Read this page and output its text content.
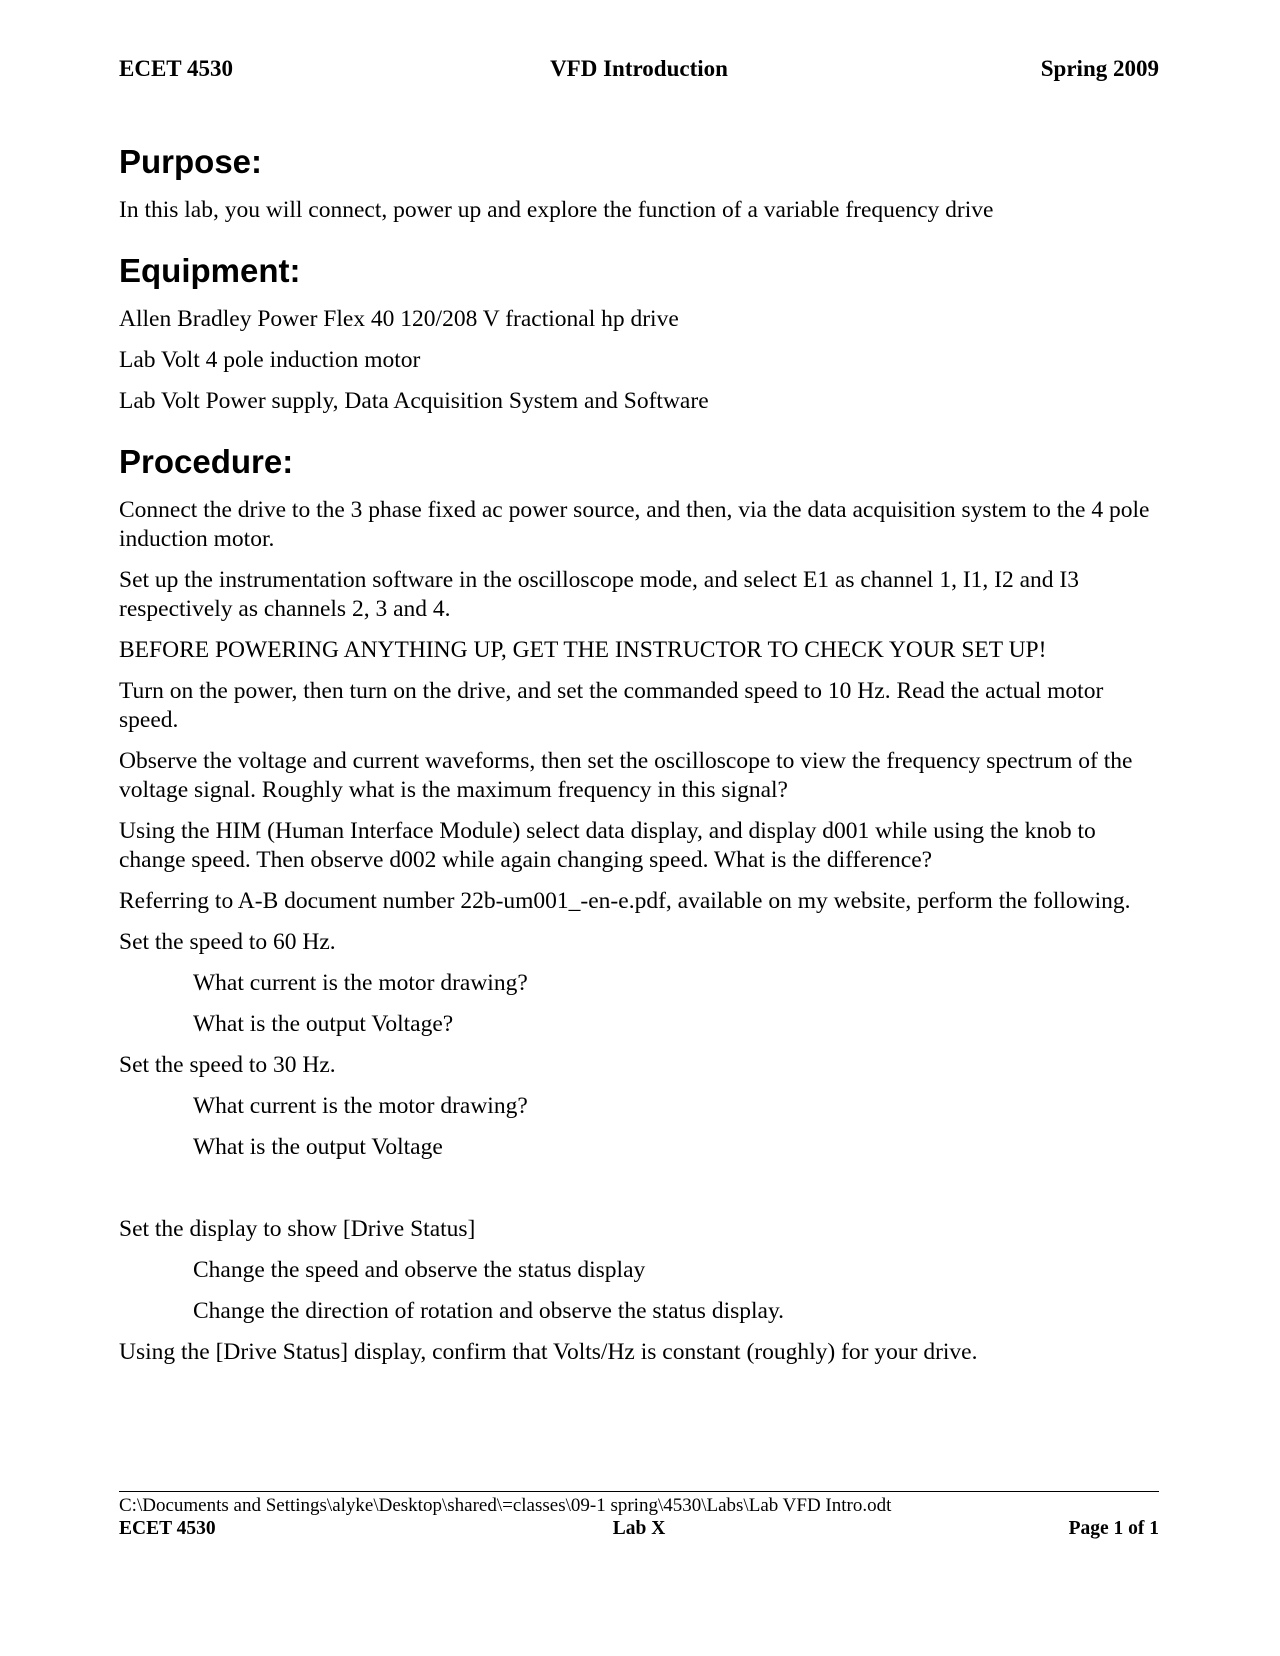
ECET 4530	VFD Introduction	Spring 2009
Purpose:

In this lab, you will connect, power up and explore the function of a variable frequency drive

Equipment:

Allen Bradley Power Flex 40 120/208 V fractional hp drive

Lab Volt 4 pole induction motor

Lab Volt Power supply, Data Acquisition System and Software

Procedure:

Connect the drive to the 3 phase fixed ac power source, and then, via the data acquisition system to the 4 pole induction motor.

Set up the instrumentation software in the oscilloscope mode, and select E1 as channel 1, I1, I2 and I3 respectively as channels 2, 3 and 4.

BEFORE POWERING ANYTHING UP, GET THE INSTRUCTOR TO CHECK YOUR SET UP!

Turn on the power, then turn on the drive, and set the commanded speed to 10 Hz. Read the actual motor speed.

Observe the voltage and current waveforms, then set the oscilloscope to view the frequency spectrum of the voltage signal. Roughly what is the maximum frequency in this signal?

Using the HIM (Human Interface Module) select data display, and display d001 while using the knob to change speed. Then observe d002 while again changing speed. What is the difference?

Referring to A-B document number 22b-um001_-en-e.pdf, available on my website, perform the following.

Set the speed to 60 Hz.

What current is the motor drawing?

What is the output Voltage?

Set the speed to 30 Hz.

What current is the motor drawing?

What is the output Voltage

Set the display to show [Drive Status]

Change the speed and observe the status display

Change the direction of rotation and observe the status display.

Using the [Drive Status] display, confirm that Volts/Hz is constant (roughly) for your drive.

C:\Documents and Settings\alyke\Desktop\shared\=classes\09-1 spring\4530\Labs\Lab VFD Intro.odt
ECET 4530	Lab X	Page 1 of 1
